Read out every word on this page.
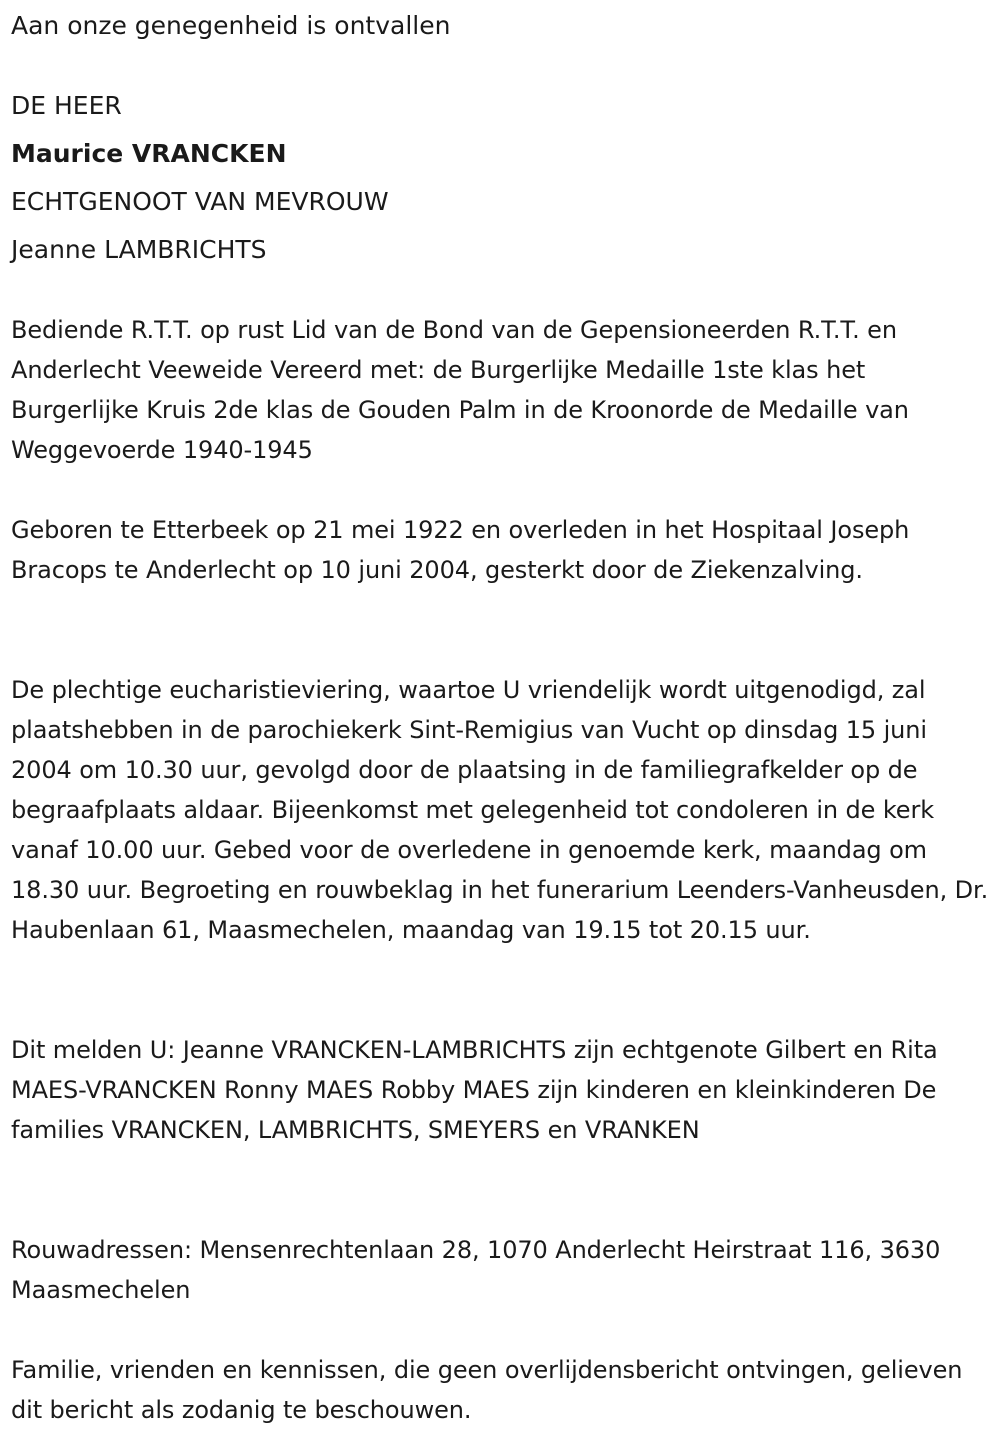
Aan onze genegenheid is ontvallen

DE HEER

Maurice VRANCKEN

ECHTGENOOT VAN MEVROUW

Jeanne LAMBRICHTS

Bediende R.T.T. op rust Lid van de Bond van de Gepensioneerden R.T.T. en Anderlecht Veeweide Vereerd met: de Burgerlijke Medaille 1ste klas het Burgerlijke Kruis 2de klas de Gouden Palm in de Kroonorde de Medaille van Weggevoerde 1940-1945

Geboren te Etterbeek op 21 mei 1922 en overleden in het Hospitaal Joseph Bracops te Anderlecht op 10 juni 2004, gesterkt door de Ziekenzalving.

De plechtige eucharistieviering, waartoe U vriendelijk wordt uitgenodigd, zal plaatshebben in de parochiekerk Sint-Remigius van Vucht op dinsdag 15 juni 2004 om 10.30 uur, gevolgd door de plaatsing in de familiegrafkelder op de begraafplaats aldaar. Bijeenkomst met gelegenheid tot condoleren in de kerk vanaf 10.00 uur. Gebed voor de overledene in genoemde kerk, maandag om 18.30 uur. Begroeting en rouwbeklag in het funerarium Leenders-Vanheusden, Dr. Haubenlaan 61, Maasmechelen, maandag van 19.15 tot 20.15 uur.

Dit melden U: Jeanne VRANCKEN-LAMBRICHTS zijn echtgenote Gilbert en Rita MAES-VRANCKEN Ronny MAES Robby MAES zijn kinderen en kleinkinderen De families VRANCKEN, LAMBRICHTS, SMEYERS en VRANKEN

Rouwadressen: Mensenrechtenlaan 28, 1070 Anderlecht Heirstraat 116, 3630 Maasmechelen

Familie, vrienden en kennissen, die geen overlijdensbericht ontvingen, gelieven dit bericht als zodanig te beschouwen.
